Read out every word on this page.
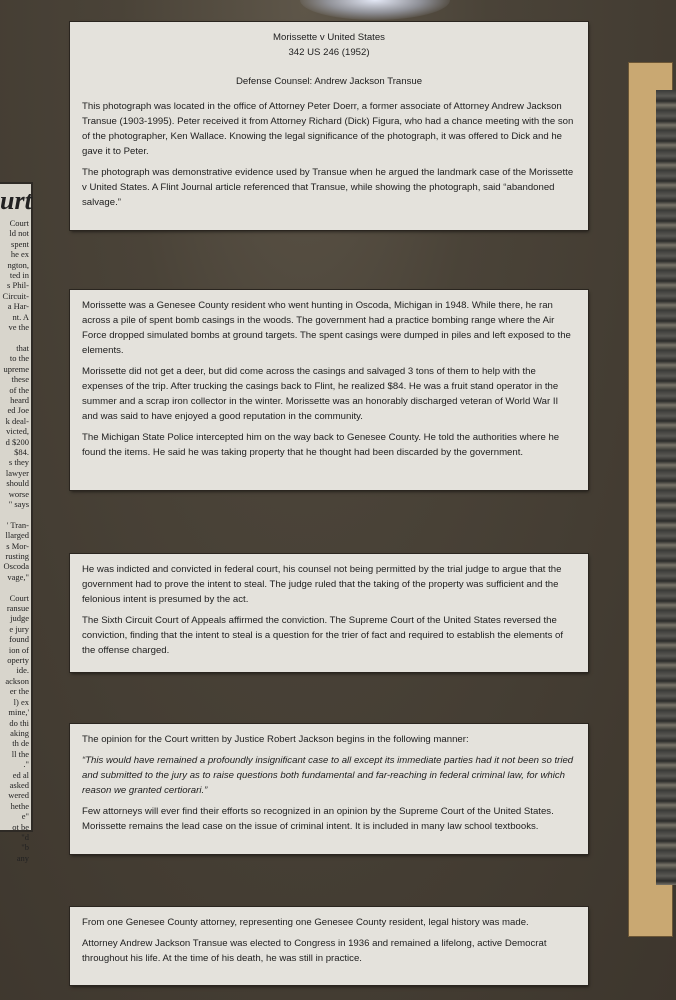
urt
Court
ld not
spent
he ex
ngton,
ted in
s Phil-
Circuit-
a Har-
nt. A
ve the

that
to the
upreme
these
of the
heard
ed Joe
k deal-
victed,
d $200
$84.
s they
lawyer
should
worse
" says

' Tran-
llarged
s Mor-
rusting
Oscoda
vage,"

Court
ransue
judge
e jury
found
ion of
operty
ide.
ackson
er the
l) ex
mine,'
do thi
aking
th de
ll the
."
ed al
asked
wered
hethe
e"
ot be
"d
"b
any

Morissette v United States

342 US 246 (1952)

Defense Counsel: Andrew Jackson Transue

This photograph was located in the office of Attorney Peter Doerr, a former associate of Attorney Andrew Jackson Transue (1903-1995). Peter received it from Attorney Richard (Dick) Figura, who had a chance meeting with the son of the photographer, Ken Wallace. Knowing the legal significance of the photograph, it was offered to Dick and he gave it to Peter.

The photograph was demonstrative evidence used by Transue when he argued the landmark case of the Morissette v United States. A Flint Journal article referenced that Transue, while showing the photograph, said “abandoned salvage.”

Morissette was a Genesee County resident who went hunting in Oscoda, Michigan in 1948. While there, he ran across a pile of spent bomb casings in the woods. The government had a practice bombing range where the Air Force dropped simulated bombs at ground targets. The spent casings were dumped in piles and left exposed to the elements.

Morissette did not get a deer, but did come across the casings and salvaged 3 tons of them to help with the expenses of the trip. After trucking the casings back to Flint, he realized $84. He was a fruit stand operator in the summer and a scrap iron collector in the winter. Morissette was an honorably discharged veteran of World War II and was said to have enjoyed a good reputation in the community.

The Michigan State Police intercepted him on the way back to Genesee County. He told the authorities where he found the items. He said he was taking property that he thought had been discarded by the government.

He was indicted and convicted in federal court, his counsel not being permitted by the trial judge to argue that the government had to prove the intent to steal. The judge ruled that the taking of the property was sufficient and the felonious intent is presumed by the act.

The Sixth Circuit Court of Appeals affirmed the conviction. The Supreme Court of the United States reversed the conviction, finding that the intent to steal is a question for the trier of fact and required to establish the elements of the offense charged.

The opinion for the Court written by Justice Robert Jackson begins in the following manner:

“This would have remained a profoundly insignificant case to all except its immediate parties had it not been so tried and submitted to the jury as to raise questions both fundamental and far-reaching in federal criminal law, for which reason we granted certiorari.”

Few attorneys will ever find their efforts so recognized in an opinion by the Supreme Court of the United States. Morissette remains the lead case on the issue of criminal intent. It is included in many law school textbooks.

From one Genesee County attorney, representing one Genesee County resident, legal history was made.

Attorney Andrew Jackson Transue was elected to Congress in 1936 and remained a lifelong, active Democrat throughout his life. At the time of his death, he was still in practice.
